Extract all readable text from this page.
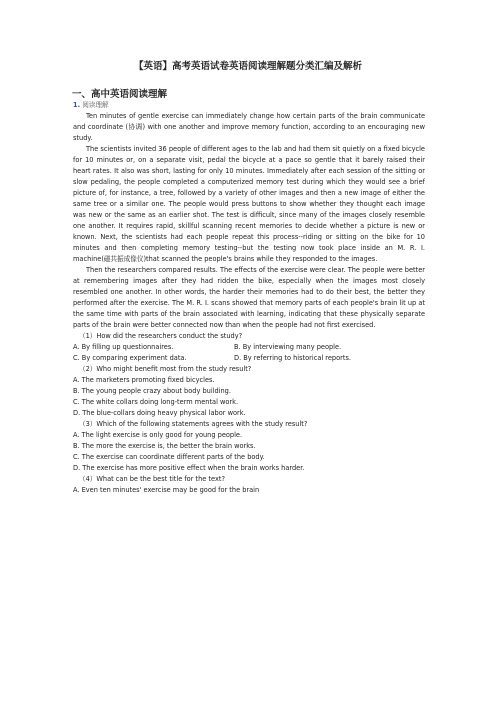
【英语】高考英语试卷英语阅读理解题分类汇编及解析
一、高中英语阅读理解

1. 阅读理解

Ten minutes of gentle exercise can immediately change how certain parts of the brain communicate and coordinate (协调) with one another and improve memory function, according to an encouraging new study.

The scientists invited 36 people of different ages to the lab and had them sit quietly on a fixed bicycle for 10 minutes or, on a separate visit, pedal the bicycle at a pace so gentle that it barely raised their heart rates. It also was short, lasting for only 10 minutes. Immediately after each session of the sitting or slow pedaling, the people completed a computerized memory test during which they would see a brief picture of, for instance, a tree, followed by a variety of other images and then a new image of either the same tree or a similar one. The people would press buttons to show whether they thought each image was new or the same as an earlier shot. The test is difficult, since many of the images closely resemble one another. It requires rapid, skillful scanning recent memories to decide whether a picture is new or known. Next, the scientists had each people repeat this process--riding or sitting on the bike for 10 minutes and then completing memory testing--but the testing now took place inside an M. R. I. machine(磁共振成像仪)that scanned the people's brains while they responded to the images.

Then the researchers compared results. The effects of the exercise were clear. The people were better at remembering images after they had ridden the bike, especially when the images most closely resembled one another. In other words, the harder their memories had to do their best, the better they performed after the exercise. The M. R. I. scans showed that memory parts of each people's brain lit up at the same time with parts of the brain associated with learning, indicating that these physically separate parts of the brain were better connected now than when the people had not first exercised.

（1）How did the researchers conduct the study?

A. By filling up questionnaires.	B. By interviewing many people.
C. By comparing experiment data.	D. By referring to historical reports.

（2）Who might benefit most from the study result?

A. The marketers promoting fixed bicycles.

B. The young people crazy about body building.

C. The white collars doing long-term mental work.

D. The blue-collars doing heavy physical labor work.

（3）Which of the following statements agrees with the study result?

A. The light exercise is only good for young people.

B. The more the exercise is, the better the brain works.

C. The exercise can coordinate different parts of the body.

D. The exercise has more positive effect when the brain works harder.

（4）What can be the best title for the text?

A. Even ten minutes' exercise may be good for the brain
